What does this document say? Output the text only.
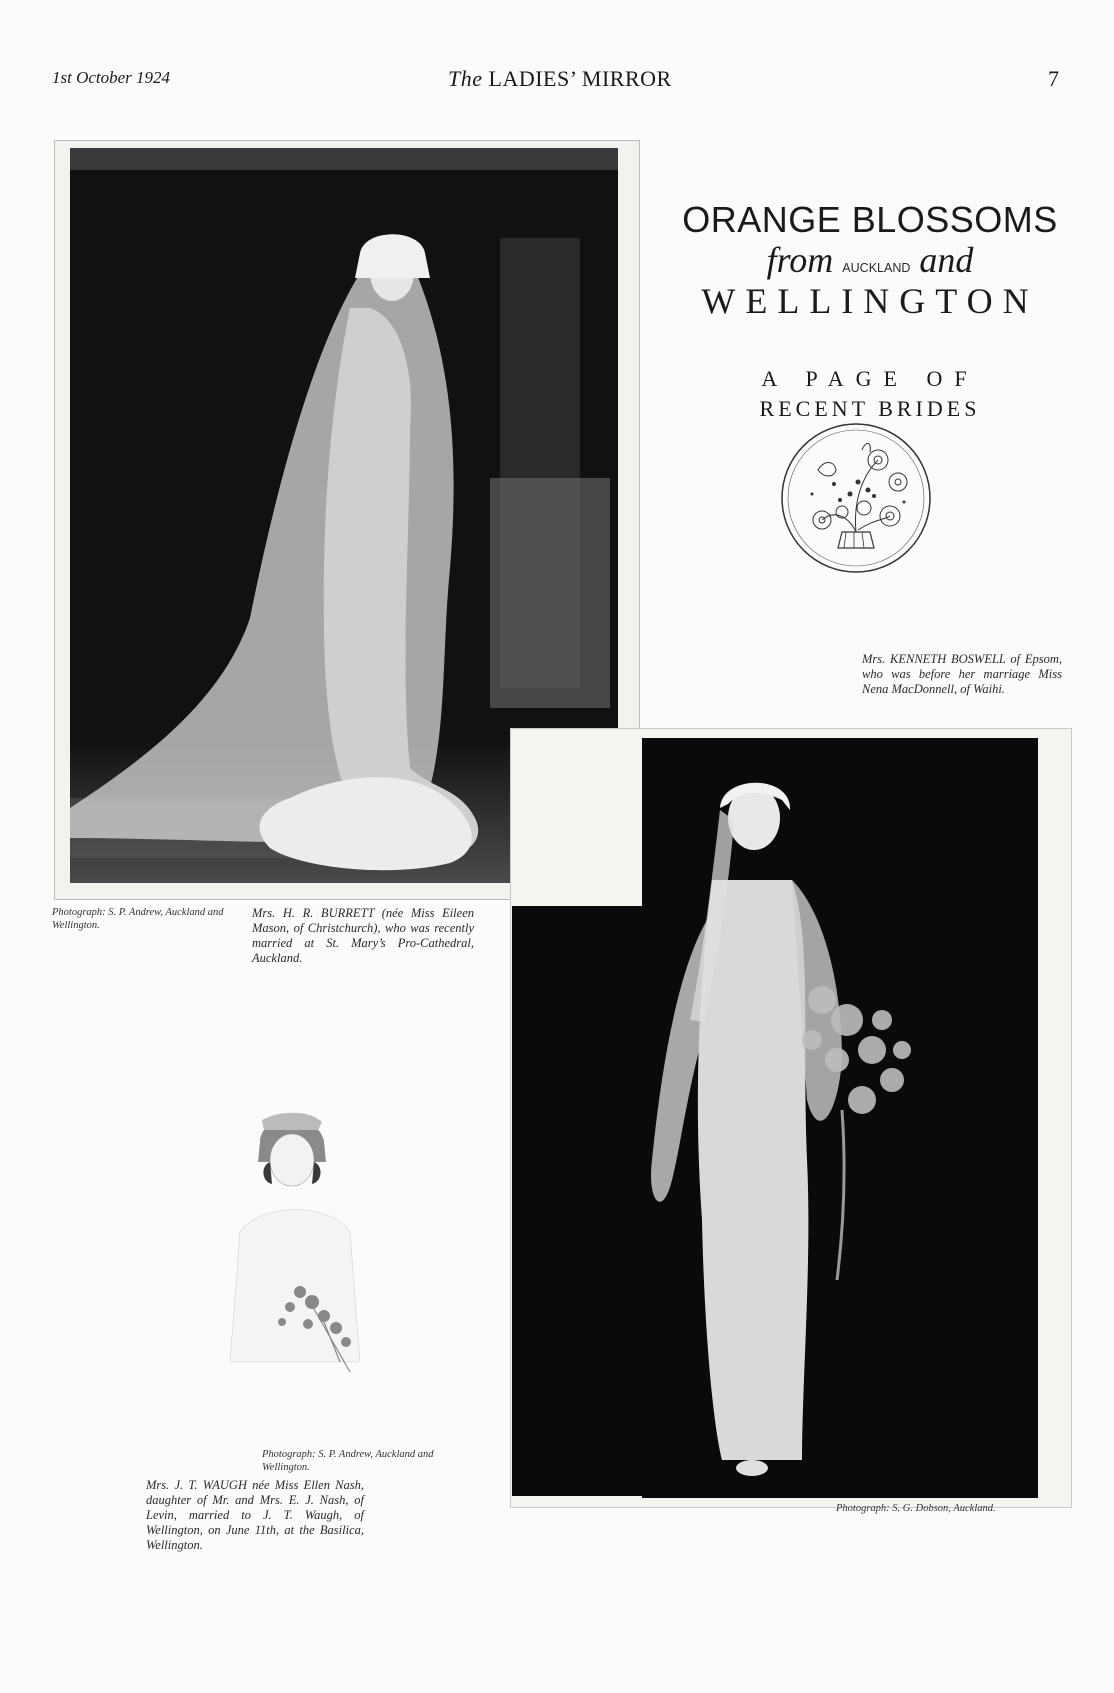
1st October 1924	The LADIES’ MIRROR	7
ORANGE BLOSSOMS
from AUCKLAND and
WELLINGTON
A PAGE OF
RECENT BRIDES
Mrs. KENNETH BOSWELL of Epsom, who was before her marriage Miss Nena MacDonnell, of Waihi.
Photograph: S. P. Andrew, Auckland and Wellington.
Mrs. H. R. BURRETT (née Miss Eileen Mason, of Christchurch), who was recently married at St. Mary’s Pro-Cathedral, Auckland.
Photograph: S. P. Andrew, Auckland and Wellington.
Mrs. J. T. WAUGH née Miss Ellen Nash, daughter of Mr. and Mrs. E. J. Nash, of Levin, married to J. T. Waugh, of Wellington, on June 11th, at the Basilica, Wellington.
Photograph: S. G. Dobson, Auckland.
